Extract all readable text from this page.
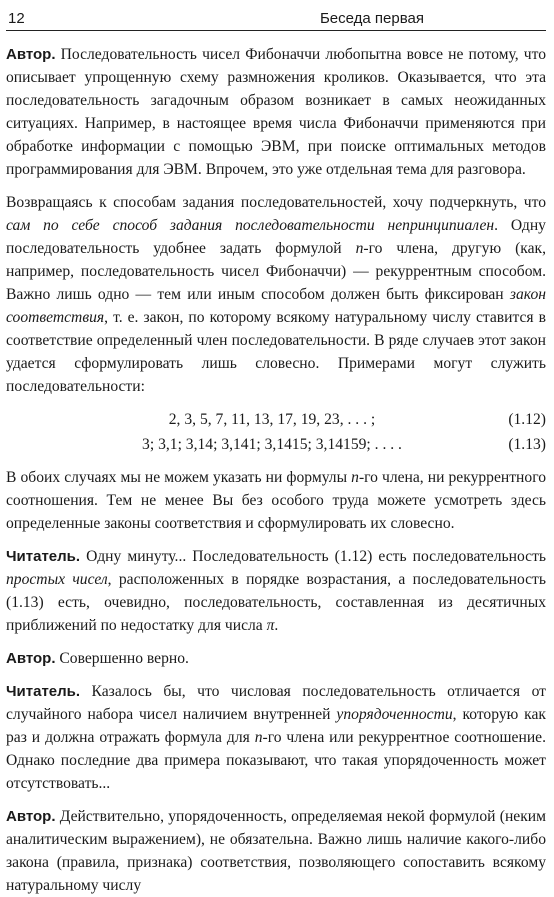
12	Беседа первая

Автор. Последовательность чисел Фибоначчи любопытна вовсе не потому, что описывает упрощенную схему размножения кроликов. Оказывается, что эта последовательность загадочным образом возникает в самых неожиданных ситуациях. Например, в настоящее время числа Фибоначчи применяются при обработке информации с помощью ЭВМ, при поиске оптимальных методов программирования для ЭВМ. Впрочем, это уже отдельная тема для разговора.

Возвращаясь к способам задания последовательностей, хочу подчеркнуть, что сам по себе способ задания последовательности непринципиален. Одну последовательность удобнее задать формулой n-го члена, другую (как, например, последовательность чисел Фибоначчи) — рекуррентным способом. Важно лишь одно — тем или иным способом должен быть фиксирован закон соответствия, т. е. закон, по которому всякому натуральному числу ставится в соответствие определенный член последовательности. В ряде случаев этот закон удается сформулировать лишь словесно. Примерами могут служить последовательности:

2, 3, 5, 7, 11, 13, 17, 19, 23, . . . ;	(1.12)
3; 3,1; 3,14; 3,141; 3,1415; 3,14159; . . . .	(1.13)

В обоих случаях мы не можем указать ни формулы n-го члена, ни рекуррентного соотношения. Тем не менее Вы без особого труда можете усмотреть здесь определенные законы соответствия и сформулировать их словесно.

Читатель. Одну минуту... Последовательность (1.12) есть последовательность простых чисел, расположенных в порядке возрастания, а последовательность (1.13) есть, очевидно, последовательность, составленная из десятичных приближений по недостатку для числа π.

Автор. Совершенно верно.

Читатель. Казалось бы, что числовая последовательность отличается от случайного набора чисел наличием внутренней упорядоченности, которую как раз и должна отражать формула для n-го члена или рекуррентное соотношение. Однако последние два примера показывают, что такая упорядоченность может отсутствовать...

Автор. Действительно, упорядоченность, определяемая некой формулой (неким аналитическим выражением), не обязательна. Важно лишь наличие какого-либо закона (правила, признака) соответствия, позволяющего сопоставить всякому натуральному числу
